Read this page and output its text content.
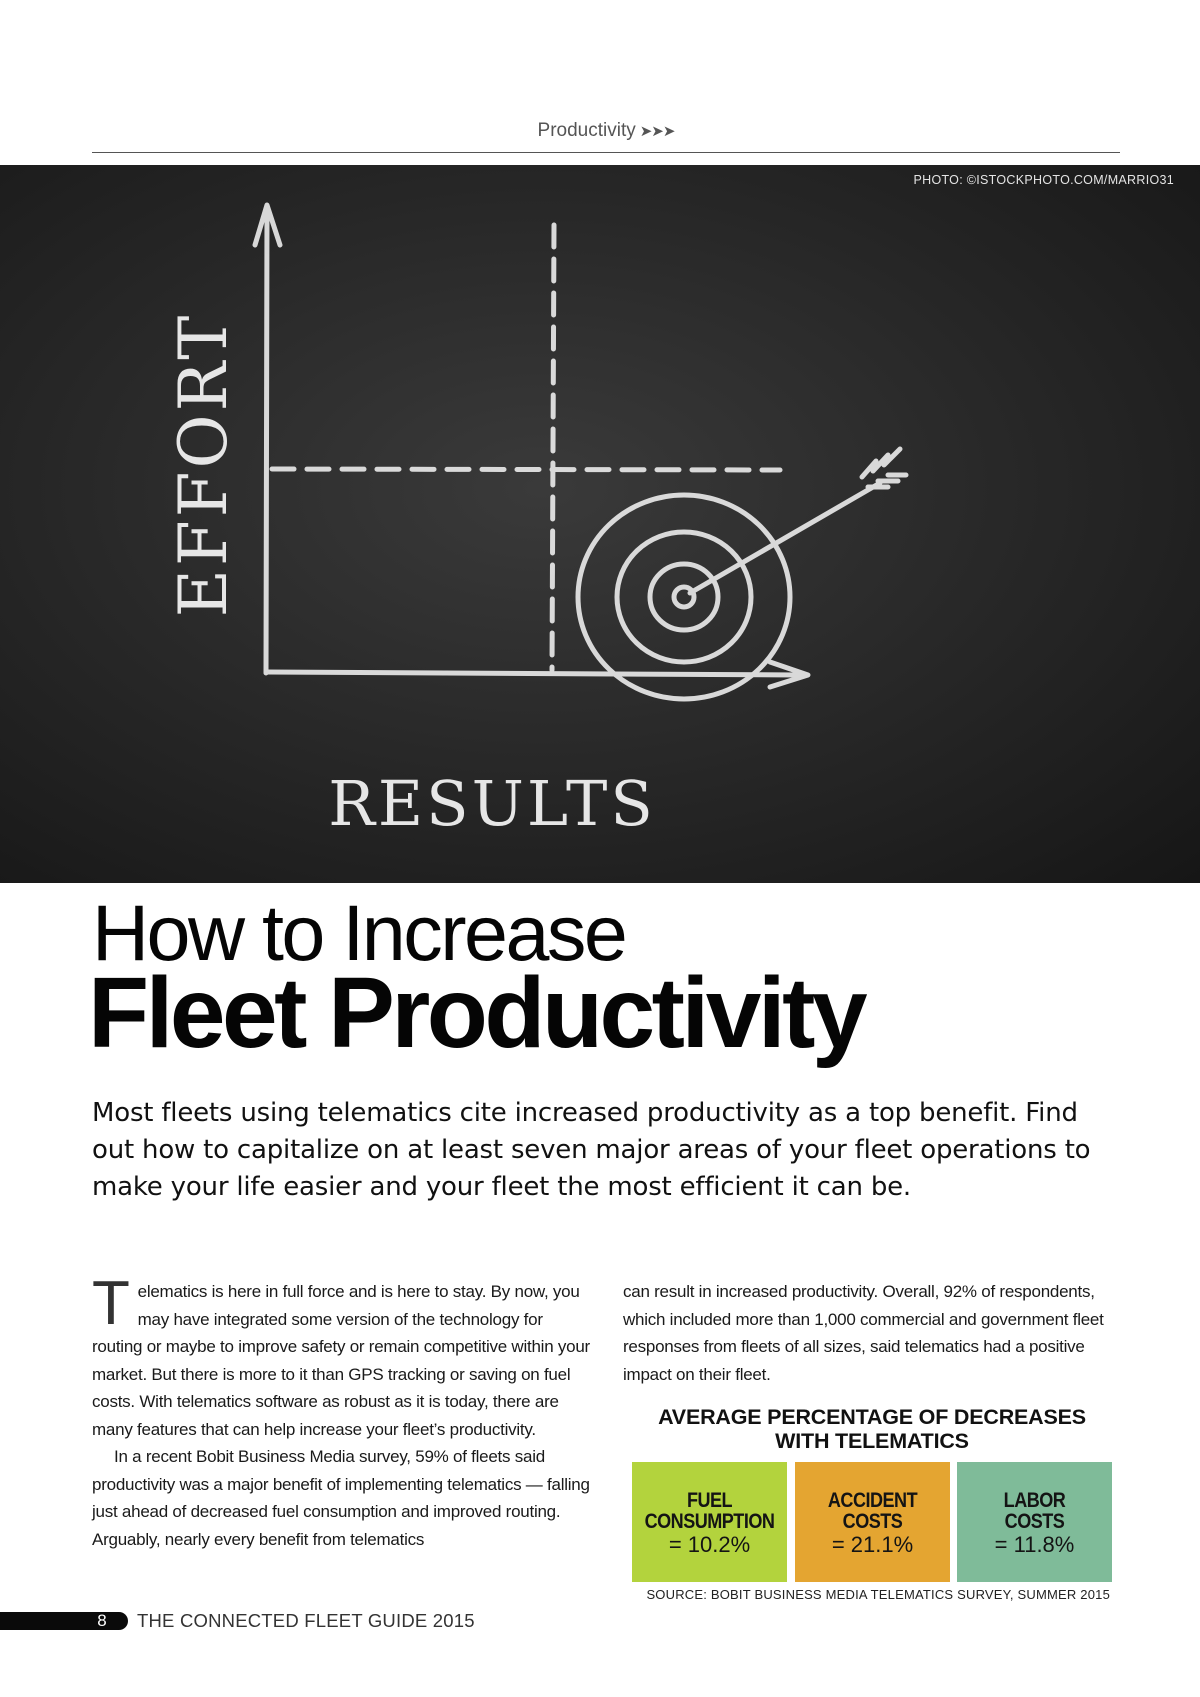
Productivity ➤➤➤
EFFORT
RESULTS
PHOTO: ©ISTOCKPHOTO.COM/MARRIO31
How to Increase
Fleet Productivity

Most fleets using telematics cite increased productivity as a top benefit. Find out how to capitalize on at least seven major areas of your fleet operations to make your life easier and your fleet the most efficient it can be.

Telematics is here in full force and is here to stay. By now, you may have integrated some version of the technology for routing or maybe to improve safety or remain competitive within your market. But there is more to it than GPS tracking or saving on fuel costs. With telematics software as robust as it is today, there are many features that can help increase your fleet’s productivity.

In a recent Bobit Business Media survey, 59% of fleets said productivity was a major benefit of implementing telematics — falling just ahead of decreased fuel consumption and improved routing. Arguably, nearly every benefit from telematics

can result in increased productivity. Overall, 92% of respondents, which included more than 1,000 commercial and government fleet responses from fleets of all sizes, said telematics had a positive impact on their fleet.

AVERAGE PERCENTAGE OF DECREASES WITH TELEMATICS
FUEL
CONSUMPTION
= 10.2%
ACCIDENT
COSTS
= 21.1%
LABOR
COSTS
= 11.8%
SOURCE: BOBIT BUSINESS MEDIA TELEMATICS SURVEY, SUMMER 2015
8	THE CONNECTED FLEET GUIDE 2015
